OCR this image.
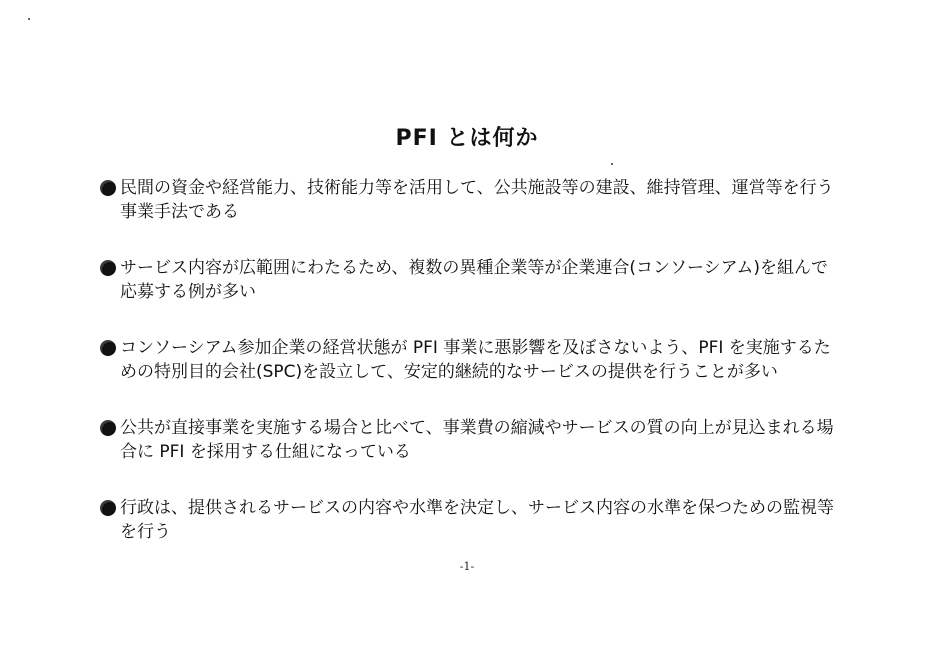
PFI とは何か
民間の資金や経営能力、技術能力等を活用して、公共施設等の建設、維持管理、運営等を行う事業手法である
サービス内容が広範囲にわたるため、複数の異種企業等が企業連合(コンソーシアム)を組んで応募する例が多い
コンソーシアム参加企業の経営状態が PFI 事業に悪影響を及ぼさないよう、PFI を実施するための特別目的会社(SPC)を設立して、安定的継続的なサービスの提供を行うことが多い
公共が直接事業を実施する場合と比べて、事業費の縮減やサービスの質の向上が見込まれる場合に PFI を採用する仕組になっている
行政は、提供されるサービスの内容や水準を決定し、サービス内容の水準を保つための監視等を行う
-1-
